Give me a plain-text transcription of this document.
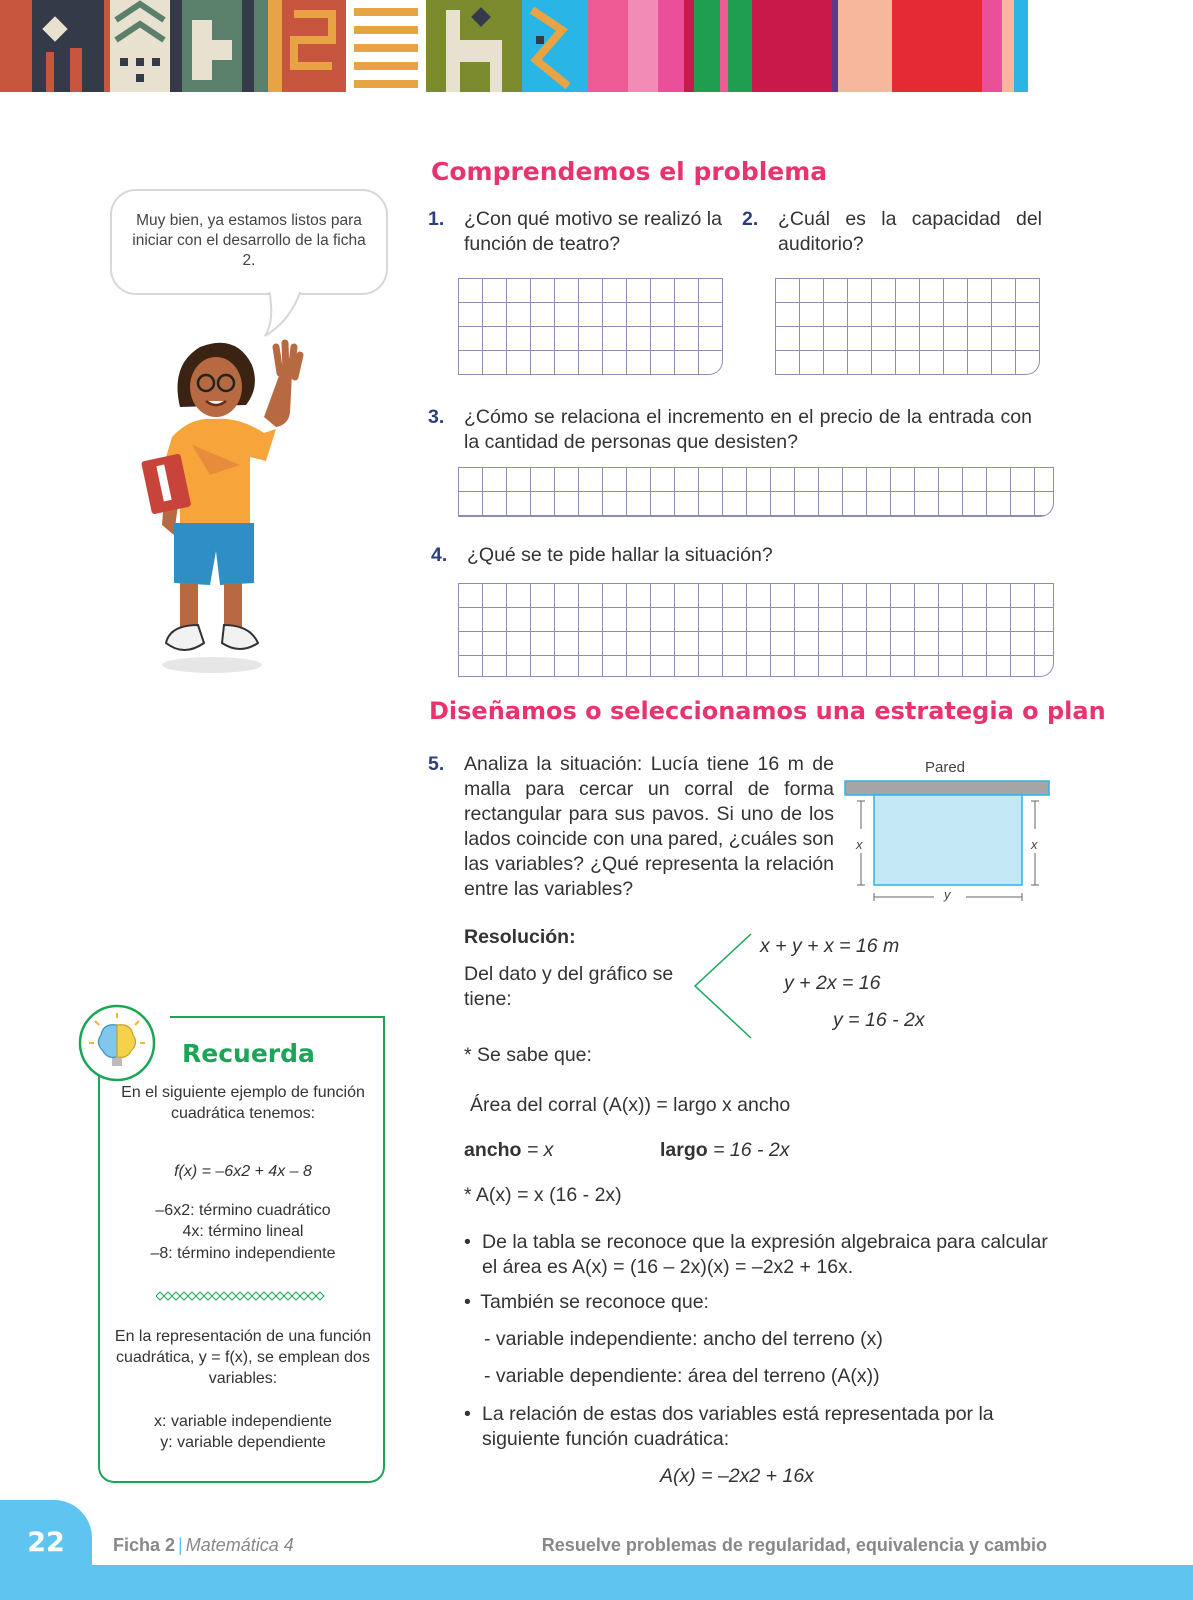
Comprendemos el problema
Muy bien, ya estamos listos para iniciar con el desarrollo de la ficha 2.
1. ¿Con qué motivo se realizó la función de teatro?
2. ¿Cuál es la capacidad del auditorio?
3. ¿Cómo se relaciona el incremento en el precio de la entrada con la cantidad de personas que desisten?
4. ¿Qué se te pide hallar la situación?
Diseñamos o seleccionamos una estrategia o plan
5. Analiza la situación: Lucía tiene 16 m de malla para cercar un corral de forma rectangular para sus pavos. Si uno de los lados coincide con una pared, ¿cuáles son las variables? ¿Qué representa la relación entre las variables?
Pared
x	x
y
Resolución:
Del dato y del gráfico se tiene:
x + y + x = 16 m
y + 2x = 16
y = 16 - 2x
* Se sabe que:
Área del corral (A(x)) = largo x ancho
ancho = x	largo = 16 - 2x
* A(x) = x (16 - 2x)
• De la tabla se reconoce que la expresión algebraica para calcular el área es A(x) = (16 – 2x)(x) = –2x2 + 16x.
• También se reconoce que:
- variable independiente: ancho del terreno (x)
- variable dependiente: área del terreno (A(x))
• La relación de estas dos variables está representada por la siguiente función cuadrática:
A(x) = –2x2 + 16x
Recuerda
En el siguiente ejemplo de función cuadrática tenemos:
f(x) = –6x2 + 4x – 8
–6x2: término cuadrático
4x: término lineal
–8: término independiente
En la representación de una función cuadrática, y = f(x), se emplean dos variables:
x: variable independiente
y: variable dependiente
22	Ficha 2 | Matemática 4	Resuelve problemas de regularidad, equivalencia y cambio
